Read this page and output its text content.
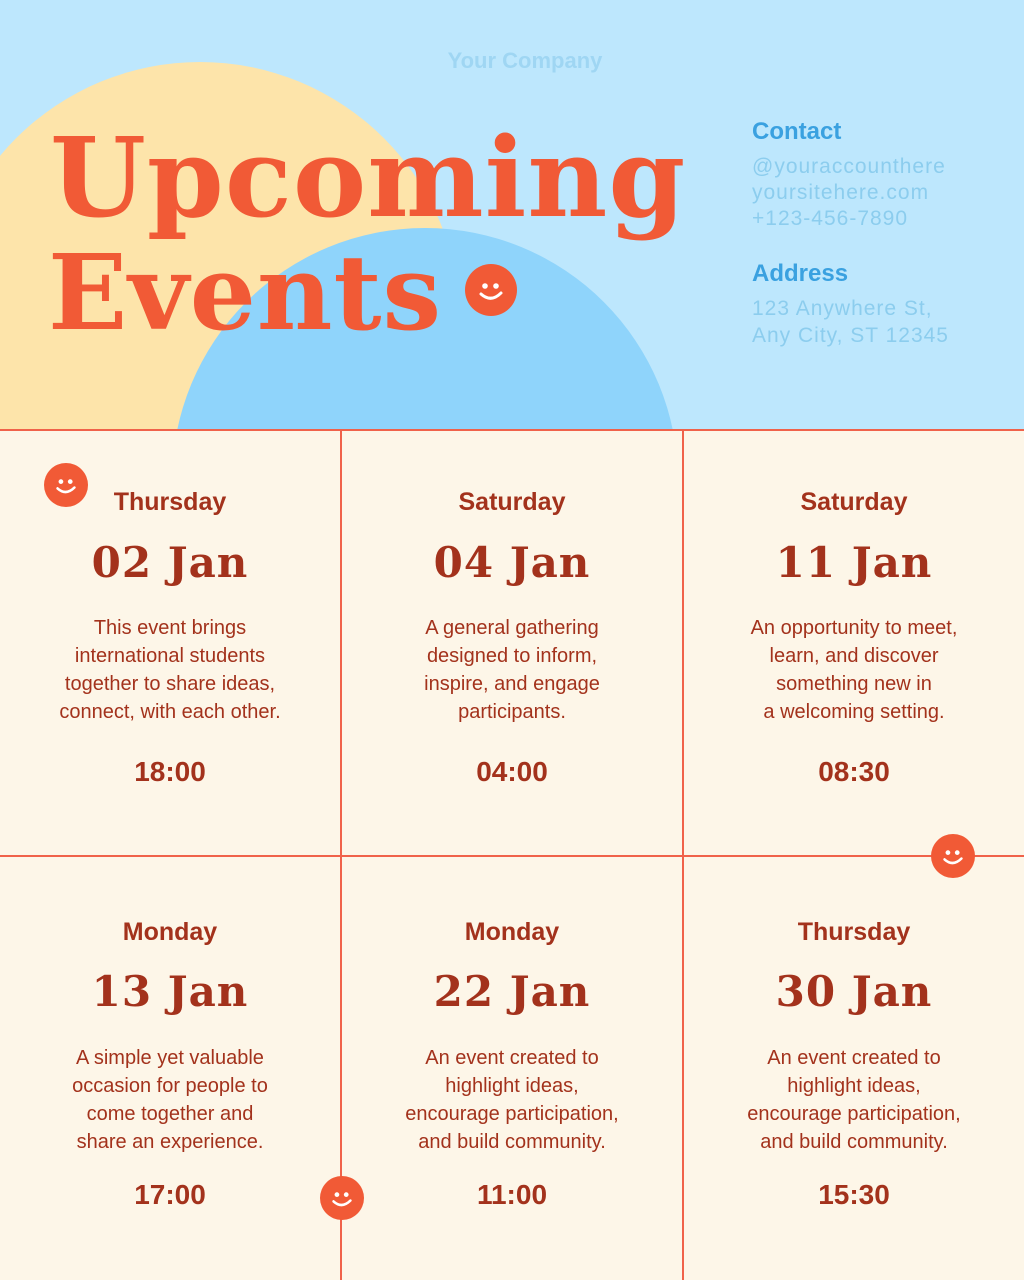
Your Company
Upcoming
Events
Contact
@youraccounthere
yoursitehere.com
+123-456-7890
Address
123 Anywhere St,
Any City, ST 12345
Thursday
02 Jan
This event brings
international students
together to share ideas,
connect, with each other.
18:00
Saturday
04 Jan
A general gathering
designed to inform,
inspire, and engage
participants.
04:00
Saturday
11 Jan
An opportunity to meet,
learn, and discover
something new in
a welcoming setting.
08:30
Monday
13 Jan
A simple yet valuable
occasion for people to
come together and
share an experience.
17:00
Monday
22 Jan
An event created to
highlight ideas,
encourage participation,
and build community.
11:00
Thursday
30 Jan
An event created to
highlight ideas,
encourage participation,
and build community.
15:30
